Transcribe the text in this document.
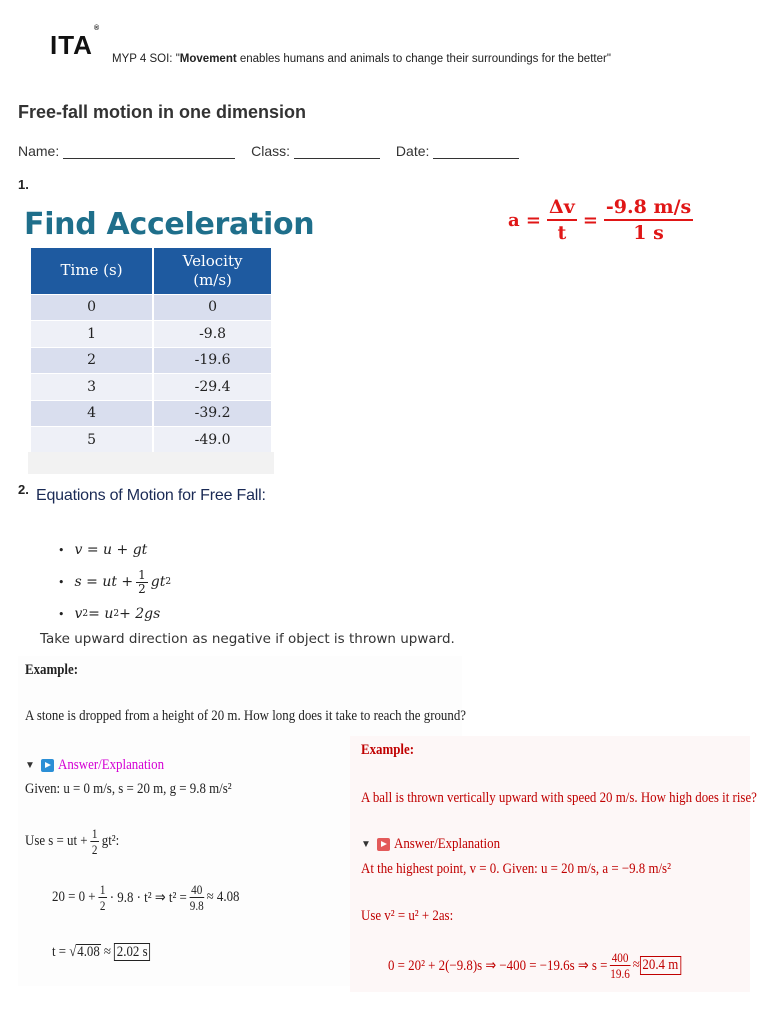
ITA®
MYP 4 SOI: "Movement enables humans and animals to change their surroundings for the better"
Free-fall motion in one dimension
Name:	Class:	Date:
1.
Find Acceleration
Time (s)	Velocity
(m/s)
0	0
1	-9.8
2	-19.6
3	-29.4
4	-39.2
5	-49.0
$a = \frac{\Delta v}{t} = \frac{-9.8 m/s}{1 s}$
2. Equations of Motion for Free Fall:
• v = u + gt
• s = ut + $\frac{1}{2}$ gt 2
• v 2 = u 2 + 2gs
Take upward direction as negative if object is thrown upward.
Example:
A stone is dropped from a height of 20 m. How long does it take to reach the ground?
▼ Answer/Explanation
Given: u = 0 m/s, s = 20 m, g = 9.8 m/s²
Use s = ut + $\frac{1}{2} gt^2$:
$20 = 0 + \frac{1}{2} \cdot 9.8 \cdot t^2$ ⇒ $t^2 = \frac{40}{9.8} \approx 4.08$
t = √4.08 ≈ 2.02 s
Example:
A ball is thrown vertically upward with speed 20 m/s. How high does it rise?
▼ Answer/Explanation
At the highest point, v = 0. Given: u = 20 m/s, a = −9.8 m/s²
Use v² = u² + 2as:
0 = 20² + 2(−9.8)s ⇒ −400 = −19.6s ⇒ $s = \frac{400}{19.6} \approx 20.4$ m
